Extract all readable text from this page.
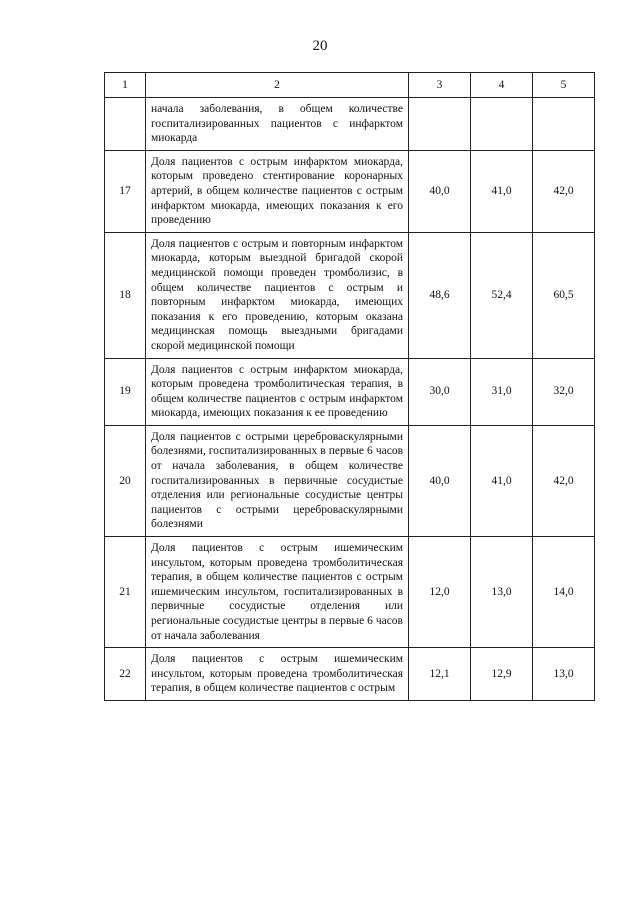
20
1	2	3	4	5
	начала заболевания, в общем количестве госпитализированных пациентов с инфарктом миокарда			
17	Доля пациентов с острым инфарктом миокарда, которым проведено стентирование коронарных артерий, в общем количестве пациентов с острым инфарктом миокарда, имеющих показания к его проведению	40,0	41,0	42,0
18	Доля пациентов с острым и повторным инфарктом миокарда, которым выездной бригадой скорой медицинской помощи проведен тромболизис, в общем количестве пациентов с острым и повторным инфарктом миокарда, имеющих показания к его проведению, которым оказана медицинская помощь выездными бригадами скорой медицинской помощи	48,6	52,4	60,5
19	Доля пациентов с острым инфарктом миокарда, которым проведена тромболитическая терапия, в общем количестве пациентов с острым инфарктом миокарда, имеющих показания к ее проведению	30,0	31,0	32,0
20	Доля пациентов с острыми цереброваскулярными болезнями, госпитализированных в первые 6 часов от начала заболевания, в общем количестве госпитализированных в первичные сосудистые отделения или региональные сосудистые центры пациентов с острыми цереброваскулярными болезнями	40,0	41,0	42,0
21	Доля пациентов с острым ишемическим инсультом, которым проведена тромболитическая терапия, в общем количестве пациентов с острым ишемическим инсультом, госпитализированных в первичные сосудистые отделения или региональные сосудистые центры в первые 6 часов от начала заболевания	12,0	13,0	14,0
22	Доля пациентов с острым ишемическим инсультом, которым проведена тромболитическая терапия, в общем количестве пациентов с острым	12,1	12,9	13,0
